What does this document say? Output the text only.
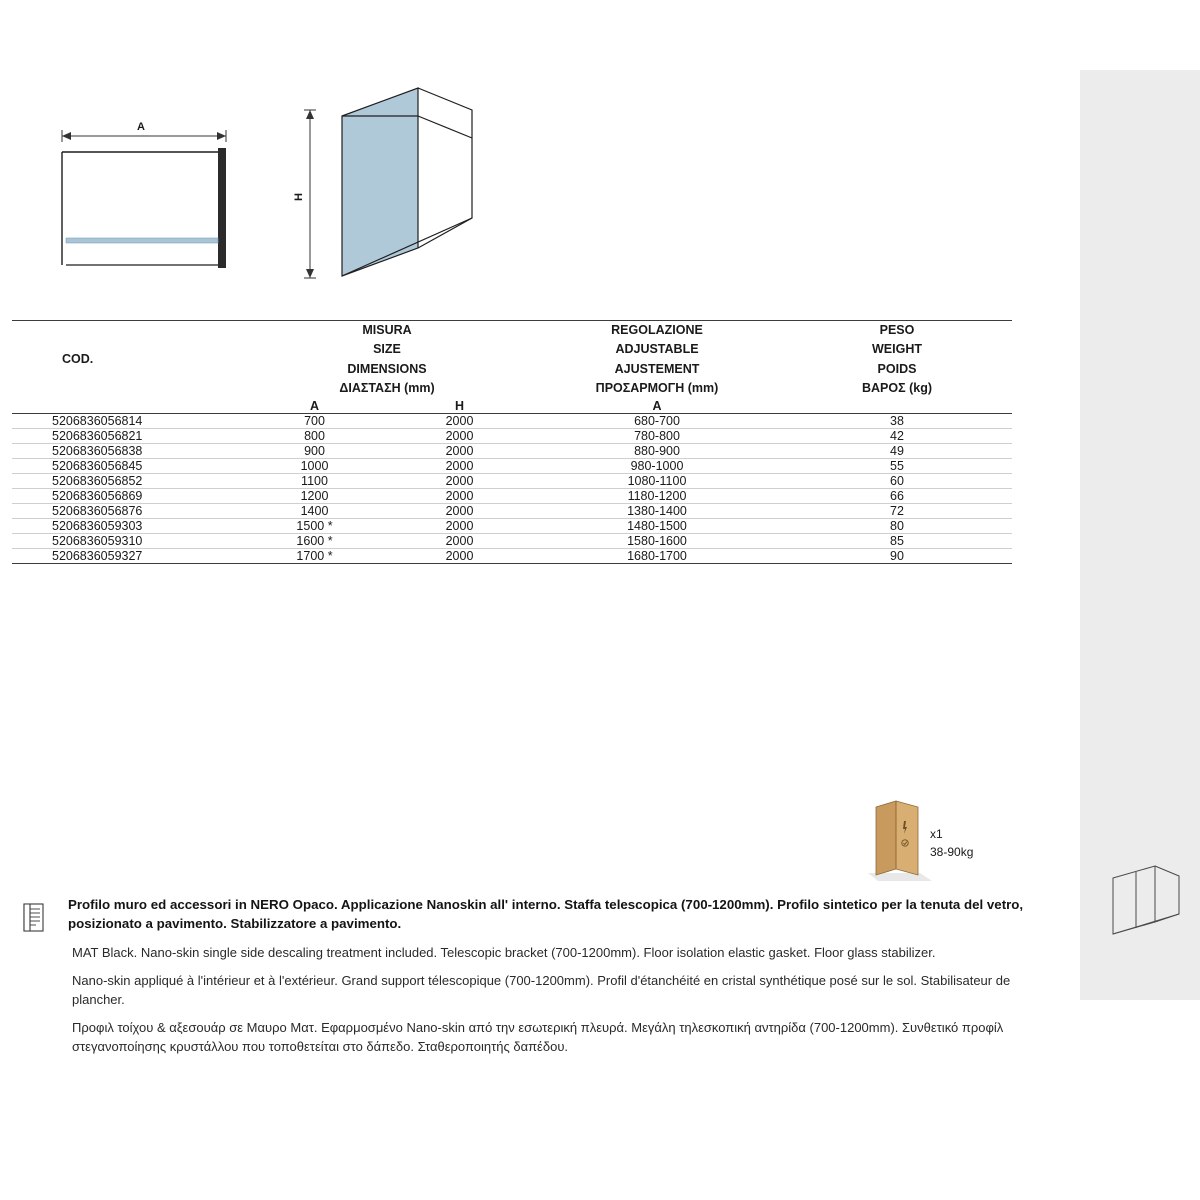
A
H
COD.	
MISURA
SIZE
DIMENSIONS
ΔΙΑΣΤΑΣΗ (mm)

REGOLAZIONE
ADJUSTABLE
AJUSTEMENT
ΠΡΟΣΑΡΜΟΓΗ (mm)

PESO
WEIGHT
POIDS
ΒΑΡΟΣ (kg)

	A	H	A	
5206836056814	700	2000	680-700	38
5206836056821	800	2000	780-800	42
5206836056838	900	2000	880-900	49
5206836056845	1000	2000	980-1000	55
5206836056852	1100	2000	1080-1100	60
5206836056869	1200	2000	1180-1200	66
5206836056876	1400	2000	1380-1400	72
5206836059303	1500 *	2000	1480-1500	80
5206836059310	1600 *	2000	1580-1600	85
5206836059327	1700 *	2000	1680-1700	90
x1
38-90kg
Profilo muro ed accessori in NERO Opaco. Applicazione Nanoskin all' interno. Staffa telescopica (700-1200mm). Profilo sintetico per la tenuta del vetro, posizionato a pavimento. Stabilizzatore a pavimento.
MAT Black. Nano-skin single side descaling treatment included. Telescopic bracket (700-1200mm). Floor isolation elastic gasket. Floor glass stabilizer.
Nano-skin appliqué à l'intérieur et à l'extérieur. Grand support télescopique (700-1200mm). Profil d'étanchéité en cristal synthétique posé sur le sol. Stabilisateur de plancher.
Προφιλ τοίχου & αξεσουάρ σε Μαυρο Ματ. Εφαρμοσμένο Nano-skin από την εσωτερική πλευρά. Μεγάλη τηλεσκοπική αντηρίδα (700-1200mm). Συνθετικό προφίλ στεγανοποίησης κρυστάλλου που τοποθετείται στο δάπεδο. Σταθεροποιητής δαπέδου.
